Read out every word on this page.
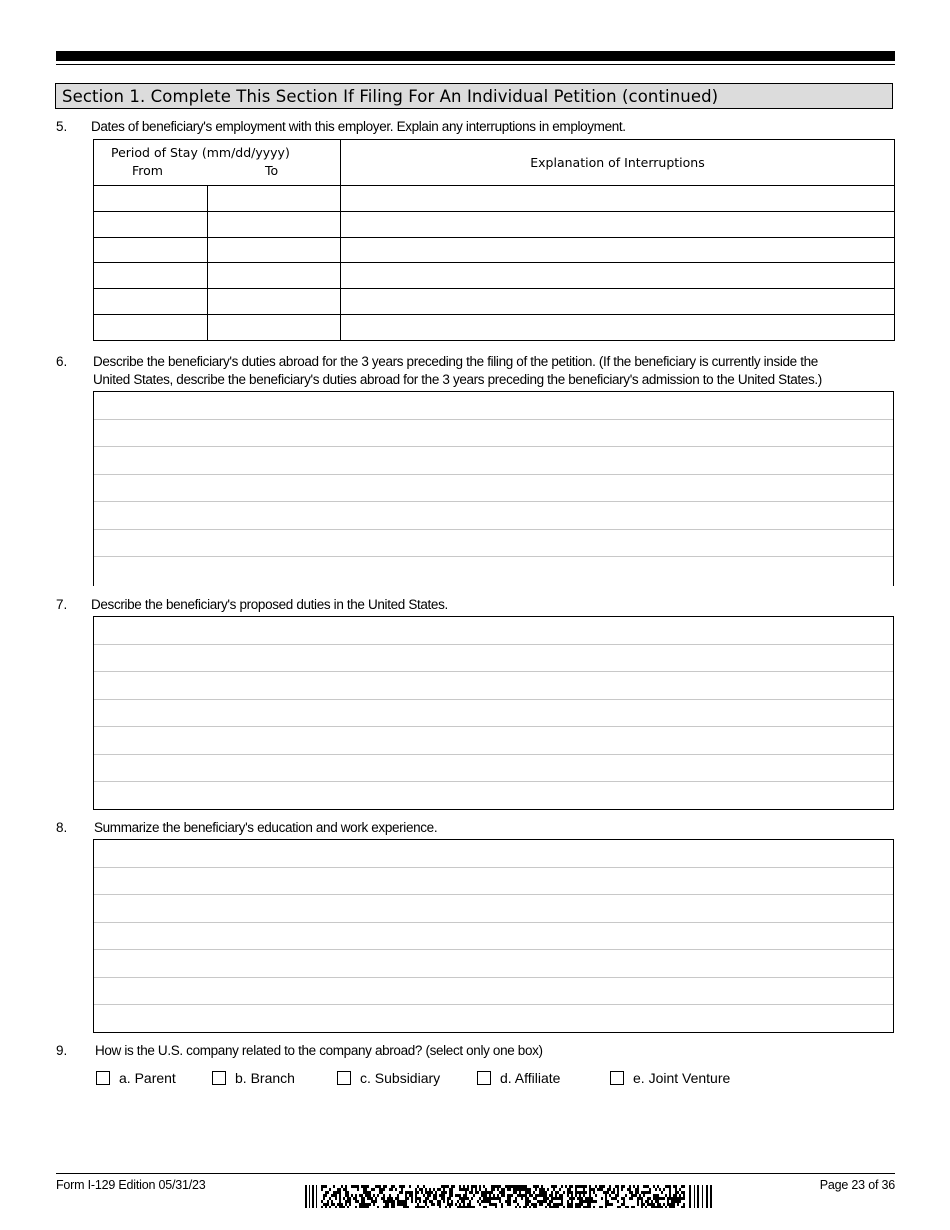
Section 1. Complete This Section If Filing For An Individual Petition (continued)
5. Dates of beneficiary's employment with this employer. Explain any interruptions in employment.
Period of Stay (mm/dd/yyyy)
From To		Explanation of Interruptions

6. Describe the beneficiary's duties abroad for the 3 years preceding the filing of the petition. (If the beneficiary is currently inside the
United States, describe the beneficiary's duties abroad for the 3 years preceding the beneficiary's admission to the United States.)
7. Describe the beneficiary's proposed duties in the United States.
8. Summarize the beneficiary's education and work experience.
9. How is the U.S. company related to the company abroad? (select only one box)
a. Parent	b. Branch	c. Subsidiary	d. Affiliate	e. Joint Venture
Form I-129 Edition 05/31/23	Page 23 of 36
